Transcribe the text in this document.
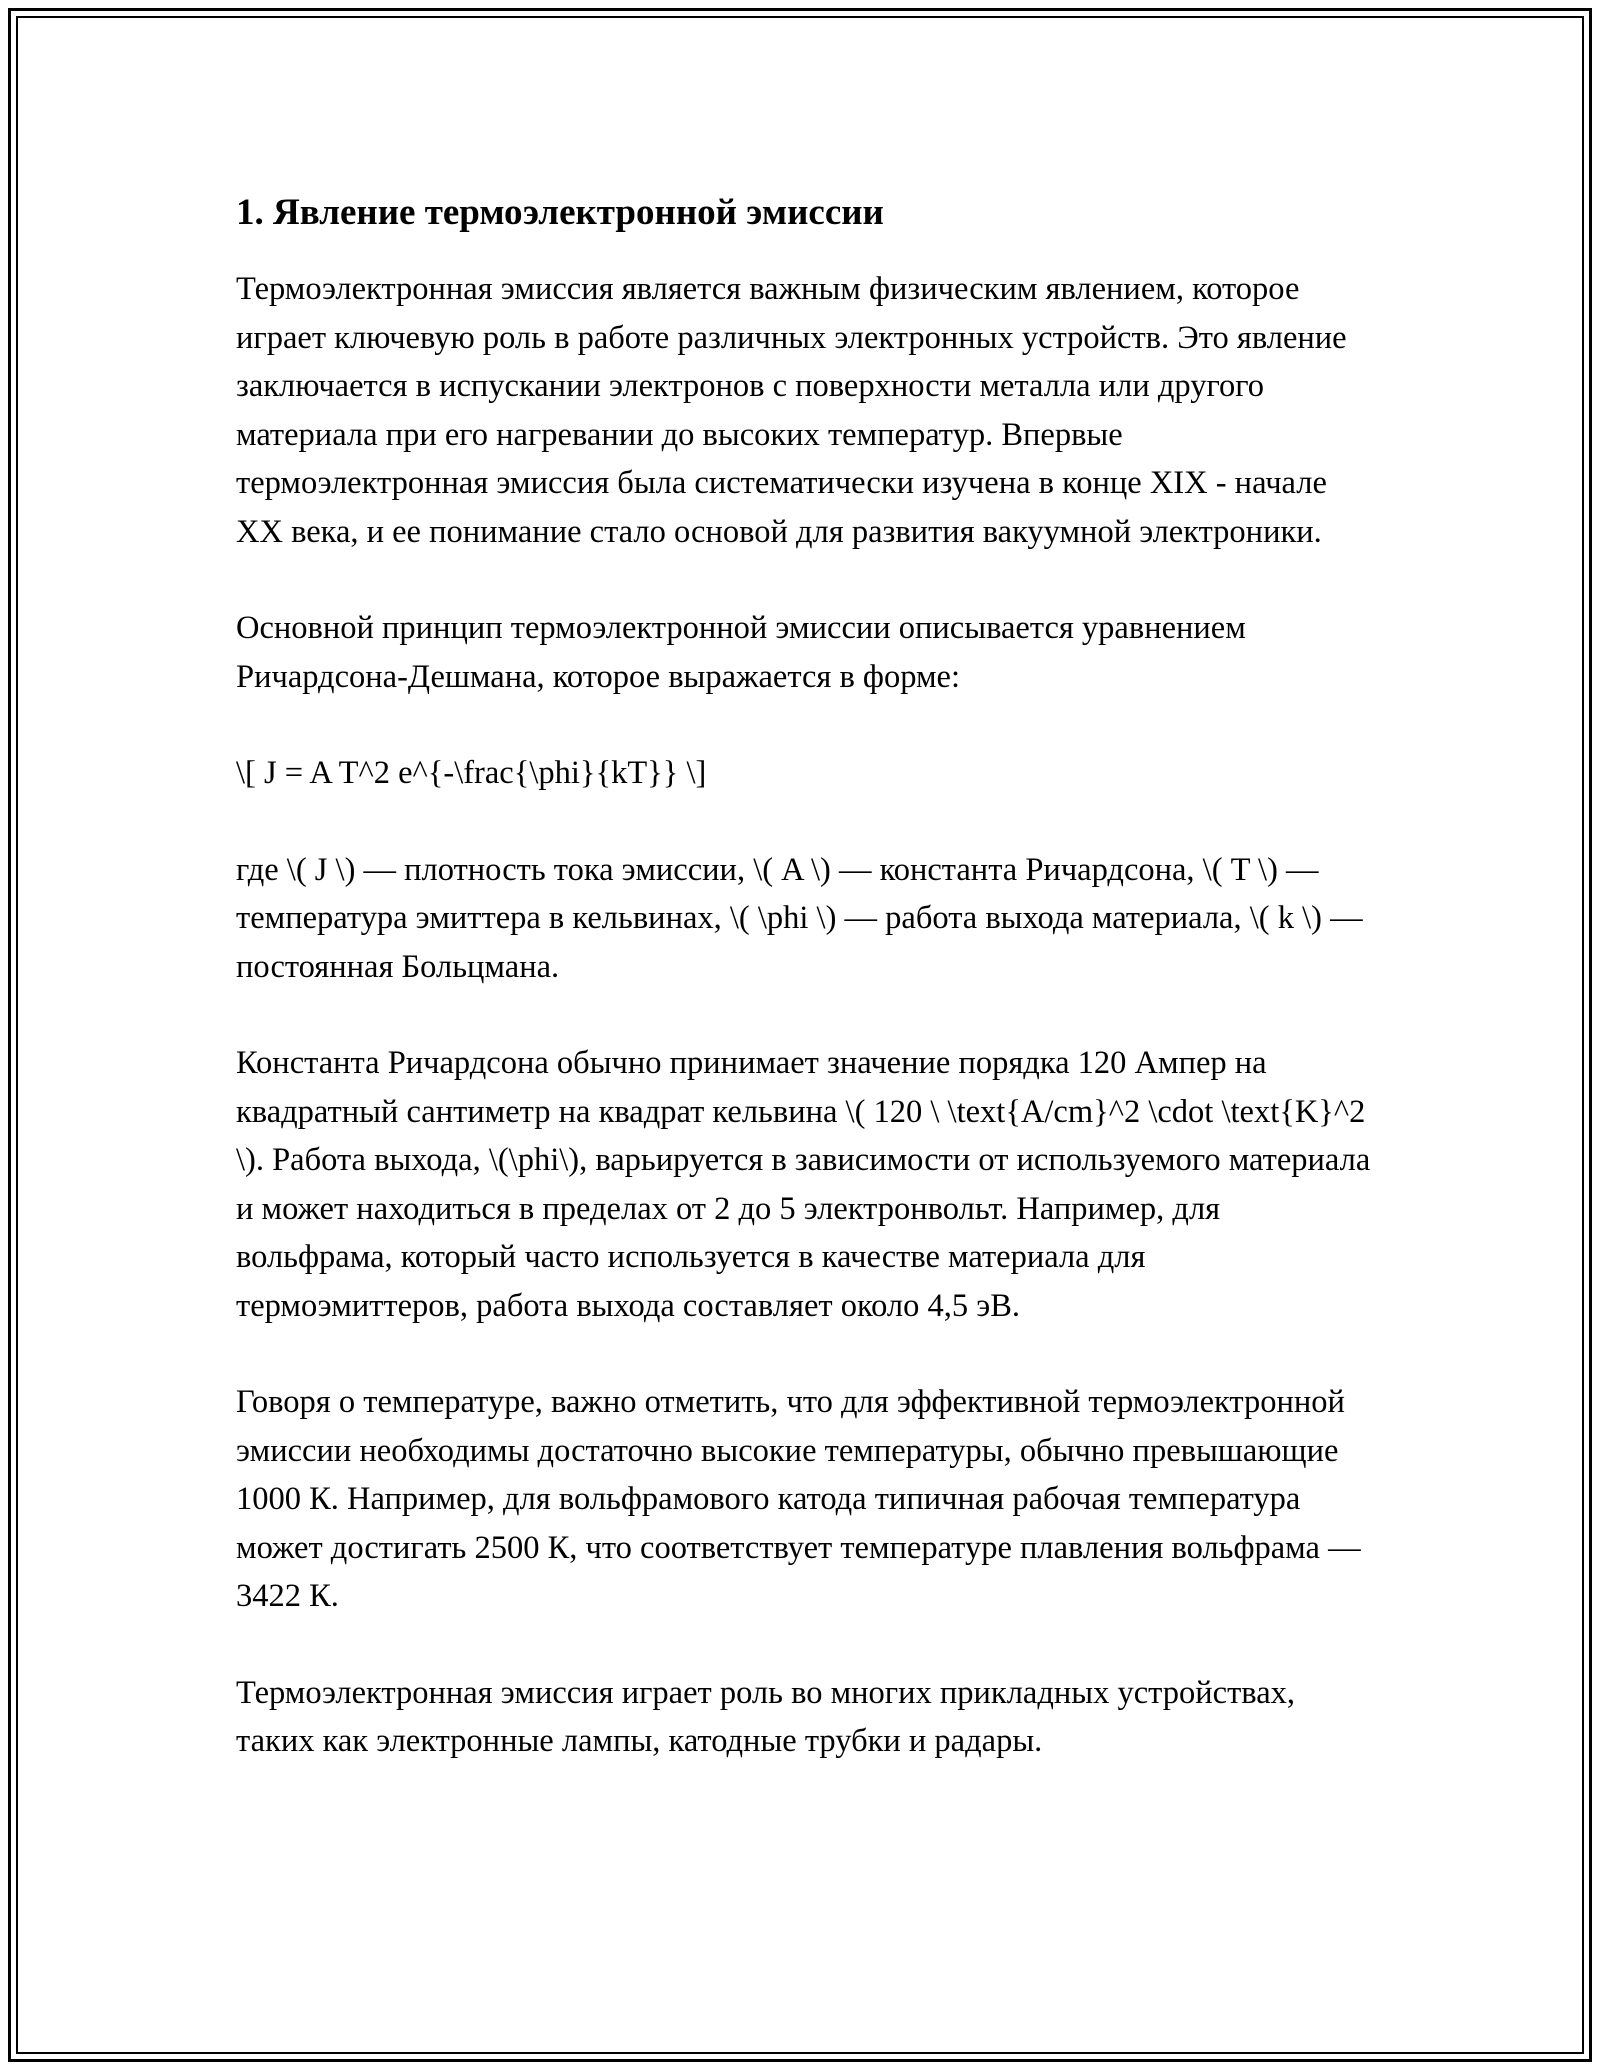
1. Явление термоэлектронной эмиссии

Термоэлектронная эмиссия является важным физическим явлением, которое играет ключевую роль в работе различных электронных устройств. Это явление заключается в испускании электронов с поверхности металла или другого материала при его нагревании до высоких температур. Впервые термоэлектронная эмиссия была систематически изучена в конце XIX - начале XX века, и ее понимание стало основой для развития вакуумной электроники.

Основной принцип термоэлектронной эмиссии описывается уравнением Ричардсона-Дешмана, которое выражается в форме:

\[ J = A T^2 e^{-\frac{\phi}{kT}} \]

где \( J \) — плотность тока эмиссии, \( A \) — константа Ричардсона, \( T \) — температура эмиттера в кельвинах, \( \phi \) — работа выхода материала, \( k \) — постоянная Больцмана.

Константа Ричардсона обычно принимает значение порядка 120 Ампер на квадратный сантиметр на квадрат кельвина \( 120 \ \text{A/cm}^2 \cdot \text{K}^2 \). Работа выхода, \(\phi\), варьируется в зависимости от используемого материала и может находиться в пределах от 2 до 5 электронвольт. Например, для вольфрама, который часто используется в качестве материала для термоэмиттеров, работа выхода составляет около 4,5 эВ.

Говоря о температуре, важно отметить, что для эффективной термоэлектронной эмиссии необходимы достаточно высокие температуры, обычно превышающие 1000 К. Например, для вольфрамового катода типичная рабочая температура может достигать 2500 К, что соответствует температуре плавления вольфрама — 3422 К.

Термоэлектронная эмиссия играет роль во многих прикладных устройствах, таких как электронные лампы, катодные трубки и радары.
